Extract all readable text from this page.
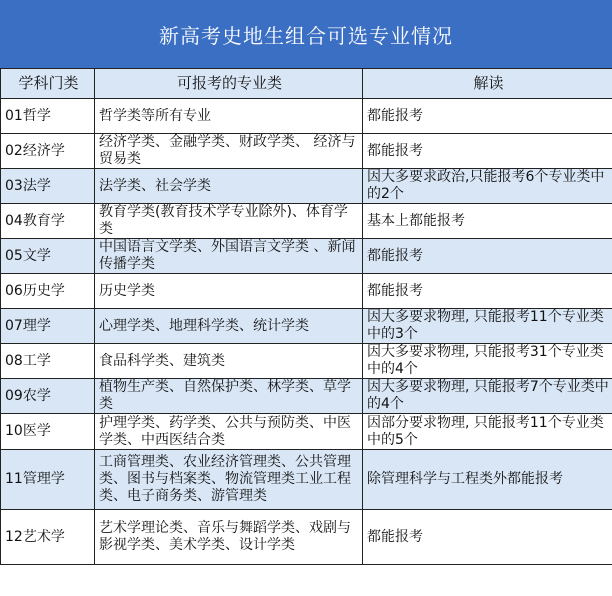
新高考史地生组合可选专业情况
学科门类	可报考的专业类	解读
01哲学	哲学类等所有专业	都能报考
02经济学	经济学类、金融学类、财政学类、 经济与贸易类	都能报考
03法学	法学类、社会学类	因大多要求政治,只能报考6个专业类中的2个
04教育学	教育学类(教育技术学专业除外)、体育学类	基本上都能报考
05文学	中国语言文学类、外国语言文学类 、新闻传播学类	都能报考
06历史学	历史学类	都能报考
07理学	心理学类、地理科学类、统计学类	因大多要求物理, 只能报考11个专业类中的3个
08工学	食品科学类、建筑类	因大多要求物理, 只能报考31个专业类中的4个
09农学	植物生产类、自然保护类、林学类、草学类	因大多要求物理, 只能报考7个专业类中的4个
10医学	护理学类、药学类、公共与预防类、中医学类、中西医结合类	因部分要求物理, 只能报考11个专业类中的5个
11管理学	工商管理类、农业经济管理类、公共管理类、图书与档案类、物流管理类工业工程类、电子商务类、游管理类	除管理科学与工程类外都能报考
12艺术学	艺术学理论类、音乐与舞蹈学类、戏剧与影视学类、美术学类、设计学类	都能报考
